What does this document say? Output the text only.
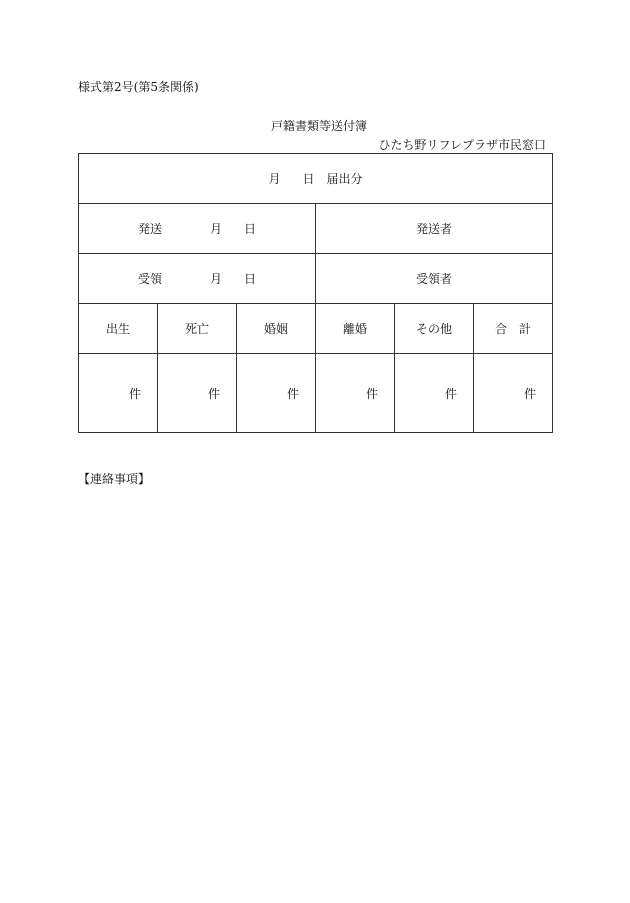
様式第2号(第5条関係)
戸籍書類等送付簿
ひたち野リフレプラザ市民窓口
月 日 届出分					
発送 月 日			発送者		
受領 月 日			受領者		
出生	死亡	婚姻	離婚	その他	合　計
件	件	件	件	件	件
【連絡事項】
